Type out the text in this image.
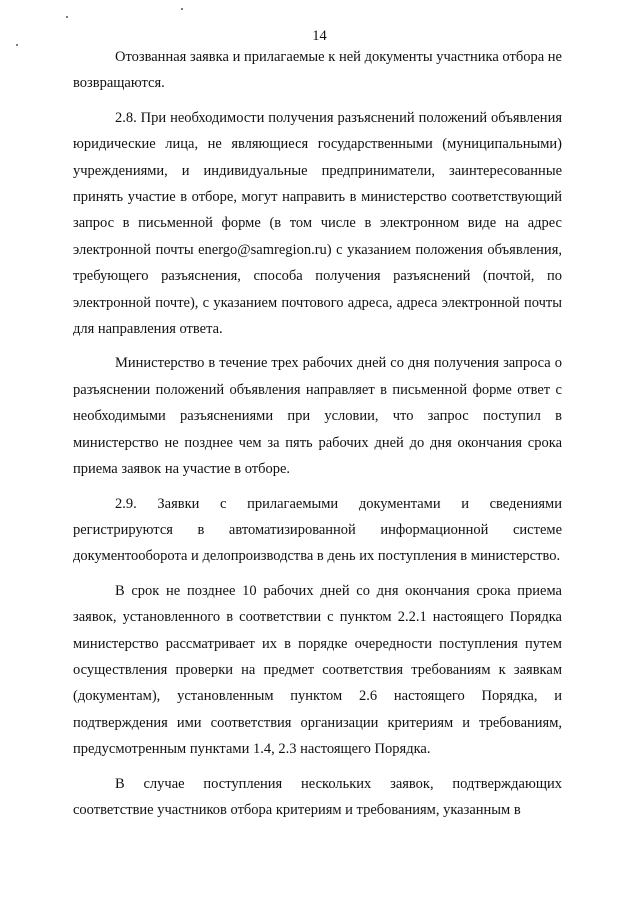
14

Отозванная заявка и прилагаемые к ней документы участника отбора не возвращаются.

2.8. При необходимости получения разъяснений положений объявления юридические лица, не являющиеся государственными (муниципальными) учреждениями, и индивидуальные предприниматели, заинтересованные принять участие в отборе, могут направить в министерство соответствующий запрос в письменной форме (в том числе в электронном виде на адрес электронной почты energo@samregion.ru) с указанием положения объявления, требующего разъяснения, способа получения разъяснений (почтой, по электронной почте), с указанием почтового адреса, адреса электронной почты для направления ответа.

Министерство в течение трех рабочих дней со дня получения запроса о разъяснении положений объявления направляет в письменной форме ответ с необходимыми разъяснениями при условии, что запрос поступил в министерство не позднее чем за пять рабочих дней до дня окончания срока приема заявок на участие в отборе.

2.9. Заявки с прилагаемыми документами и сведениями регистрируются в автоматизированной информационной системе документооборота и делопроизводства в день их поступления в министерство.

В срок не позднее 10 рабочих дней со дня окончания срока приема заявок, установленного в соответствии с пунктом 2.2.1 настоящего Порядка министерство рассматривает их в порядке очередности поступления путем осуществления проверки на предмет соответствия требованиям к заявкам (документам), установленным пунктом 2.6 настоящего Порядка, и подтверждения ими соответствия организации критериям и требованиям, предусмотренным пунктами 1.4, 2.3 настоящего Порядка.

В случае поступления нескольких заявок, подтверждающих соответствие участников отбора критериям и требованиям, указанным в
